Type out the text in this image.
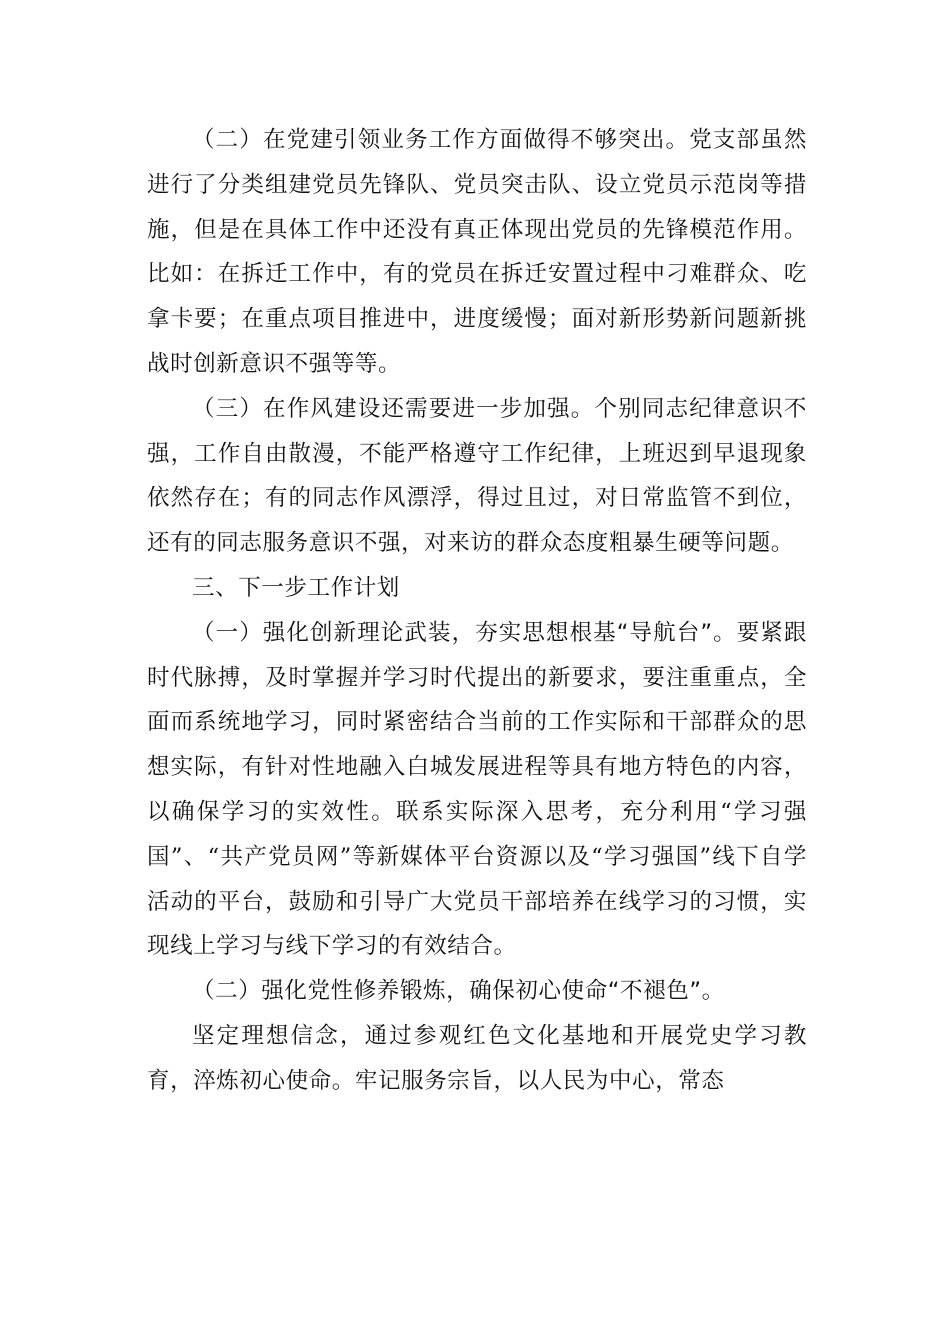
（二）在党建引领业务工作方面做得不够突出。党支部虽然进行了分类组建党员先锋队、党员突击队、设立党员示范岗等措施，但是在具体工作中还没有真正体现出党员的先锋模范作用。比如：在拆迁工作中，有的党员在拆迁安置过程中刁难群众、吃拿卡要；在重点项目推进中，进度缓慢；面对新形势新问题新挑战时创新意识不强等等。

（三）在作风建设还需要进一步加强。个别同志纪律意识不强，工作自由散漫，不能严格遵守工作纪律，上班迟到早退现象依然存在；有的同志作风漂浮，得过且过，对日常监管不到位，还有的同志服务意识不强，对来访的群众态度粗暴生硬等问题。

三、下一步工作计划

（一）强化创新理论武装，夯实思想根基“导航台”。要紧跟时代脉搏，及时掌握并学习时代提出的新要求，要注重重点，全面而系统地学习，同时紧密结合当前的工作实际和干部群众的思想实际，有针对性地融入白城发展进程等具有地方特色的内容，以确保学习的实效性。联系实际深入思考，充分利用“学习强国”、“共产党员网”等新媒体平台资源以及“学习强国”线下自学活动的平台，鼓励和引导广大党员干部培养在线学习的习惯，实现线上学习与线下学习的有效结合。

（二）强化党性修养锻炼，确保初心使命“不褪色”。

坚定理想信念，通过参观红色文化基地和开展党史学习教育，淬炼初心使命。牢记服务宗旨，以人民为中心，常态
